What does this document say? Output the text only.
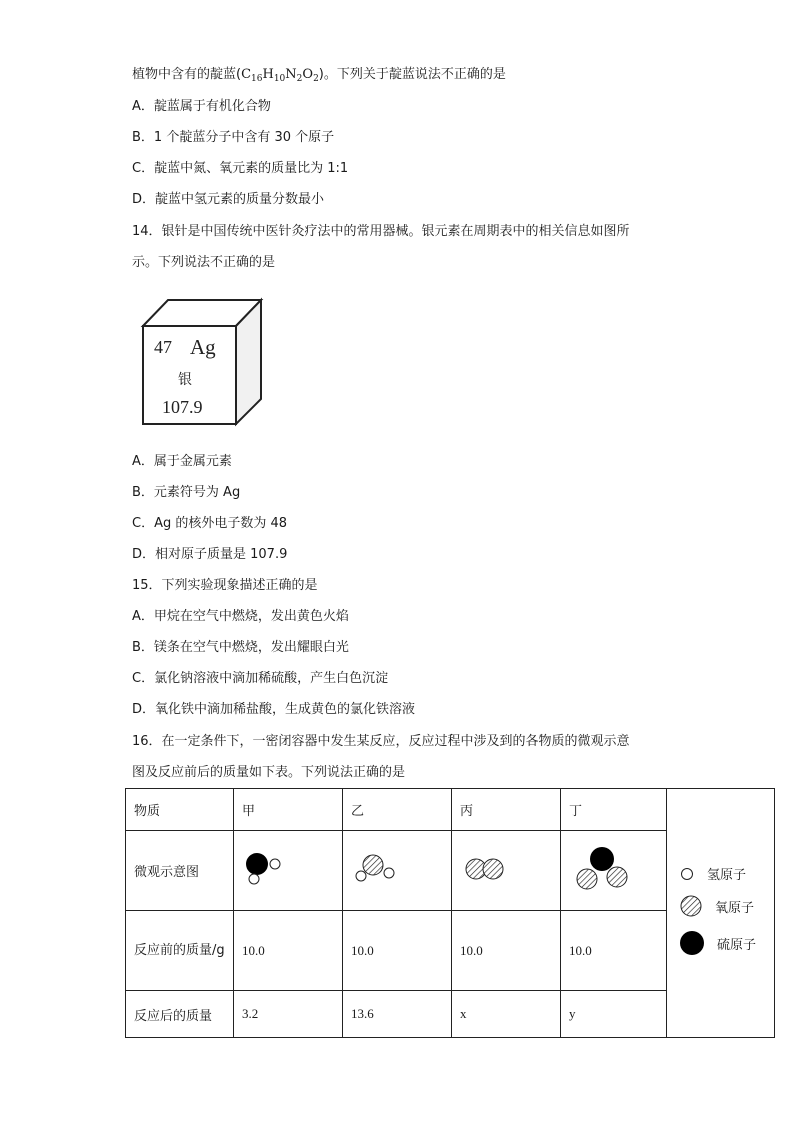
植物中含有的靛蓝$(C_{16}H_{10}N_2O_2)$。下列关于靛蓝说法不正确的是
A．靛蓝属于有机化合物
B．1 个靛蓝分子中含有 30 个原子
C．靛蓝中氮、氧元素的质量比为 1:1
D．靛蓝中氢元素的质量分数最小
14．银针是中国传统中医针灸疗法中的常用器械。银元素在周期表中的相关信息如图所
示。下列说法不正确的是
47 Ag
银
107.9
A．属于金属元素
B．元素符号为 Ag
C．Ag 的核外电子数为 48
D．相对原子质量是 107.9
15．下列实验现象描述正确的是
A．甲烷在空气中燃烧，发出黄色火焰
B．镁条在空气中燃烧，发出耀眼白光
C．氯化钠溶液中滴加稀硫酸，产生白色沉淀
D．氧化铁中滴加稀盐酸，生成黄色的氯化铁溶液
16．在一定条件下，一密闭容器中发生某反应，反应过程中涉及到的各物质的微观示意
图及反应前后的质量如下表。下列说法正确的是
物质	甲	乙	丙	丁	氢原子
氧原子
硫原子

微观示意图				
反应前的质量/g	10.0	10.0	10.0	10.0	
反应后的质量	3.2	13.6	x	y	
